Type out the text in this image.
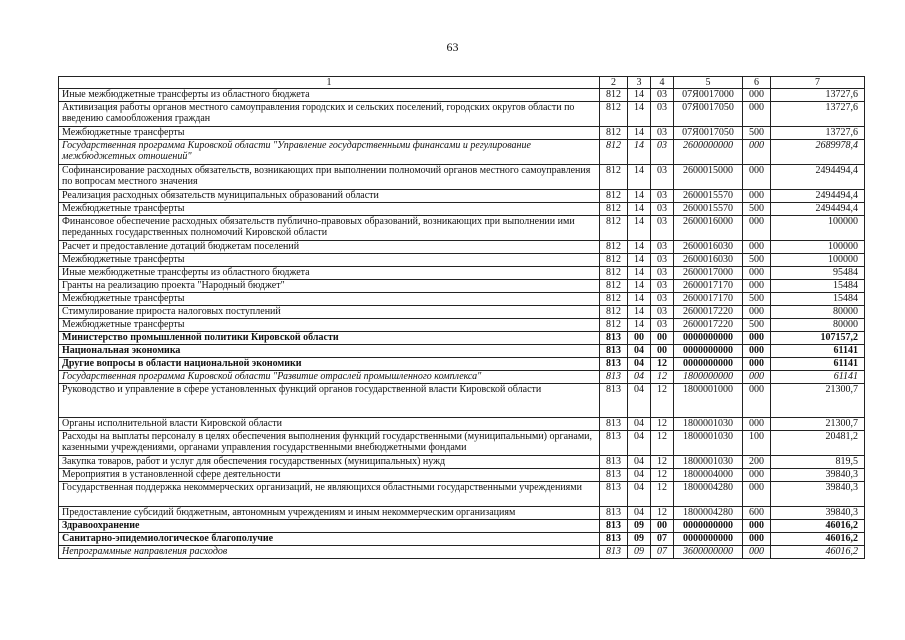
63
1	2	3	4	5	6	7
Иные межбюджетные трансферты из областного бюджета	812	14	03	07Я0017000	000	13727,6
Активизация работы органов местного самоуправления городских и сельских поселений, городских округов области по введению самообложения граждан	812	14	03	07Я0017050	000	13727,6
Межбюджетные трансферты	812	14	03	07Я0017050	500	13727,6
Государственная программа Кировской области "Управление государственными финансами и регулирование межбюджетных отношений"	812	14	03	2600000000	000	2689978,4
Софинансирование расходных обязательств, возникающих при выполнении полномочий органов местного самоуправления по вопросам местного значения	812	14	03	2600015000	000	2494494,4
Реализация расходных обязательств муниципальных образований области	812	14	03	2600015570	000	2494494,4
Межбюджетные трансферты	812	14	03	2600015570	500	2494494,4
Финансовое обеспечение расходных обязательств публично-правовых образований, возникающих при выполнении ими переданных государственных полномочий Кировской области	812	14	03	2600016000	000	100000
Расчет и предоставление дотаций бюджетам поселений	812	14	03	2600016030	000	100000
Межбюджетные трансферты	812	14	03	2600016030	500	100000
Иные межбюджетные трансферты из областного бюджета	812	14	03	2600017000	000	95484
Гранты на реализацию проекта "Народный бюджет"	812	14	03	2600017170	000	15484
Межбюджетные трансферты	812	14	03	2600017170	500	15484
Стимулирование прироста налоговых поступлений	812	14	03	2600017220	000	80000
Межбюджетные трансферты	812	14	03	2600017220	500	80000
Министерство промышленной политики Кировской области	813	00	00	0000000000	000	107157,2
Национальная экономика	813	04	00	0000000000	000	61141
Другие вопросы в области национальной экономики	813	04	12	0000000000	000	61141
Государственная программа Кировской области "Развитие отраслей промышленного комплекса"	813	04	12	1800000000	000	61141
Руководство и управление в сфере установленных функций органов государственной власти Кировской области	813	04	12	1800001000	000	21300,7
Органы исполнительной власти Кировской области	813	04	12	1800001030	000	21300,7
Расходы на выплаты персоналу в целях обеспечения выполнения функций государственными (муниципальными) органами, казенными учреждениями, органами управления государственными внебюджетными фондами	813	04	12	1800001030	100	20481,2
Закупка товаров, работ и услуг для обеспечения государственных (муниципальных) нужд	813	04	12	1800001030	200	819,5
Мероприятия в установленной сфере деятельности	813	04	12	1800004000	000	39840,3
Государственная поддержка некоммерческих организаций, не являющихся областными государственными учреждениями	813	04	12	1800004280	000	39840,3
Предоставление субсидий бюджетным, автономным учреждениям и иным некоммерческим организациям	813	04	12	1800004280	600	39840,3
Здравоохранение	813	09	00	0000000000	000	46016,2
Санитарно-эпидемиологическое благополучие	813	09	07	0000000000	000	46016,2
Непрограммные направления расходов	813	09	07	3600000000	000	46016,2
